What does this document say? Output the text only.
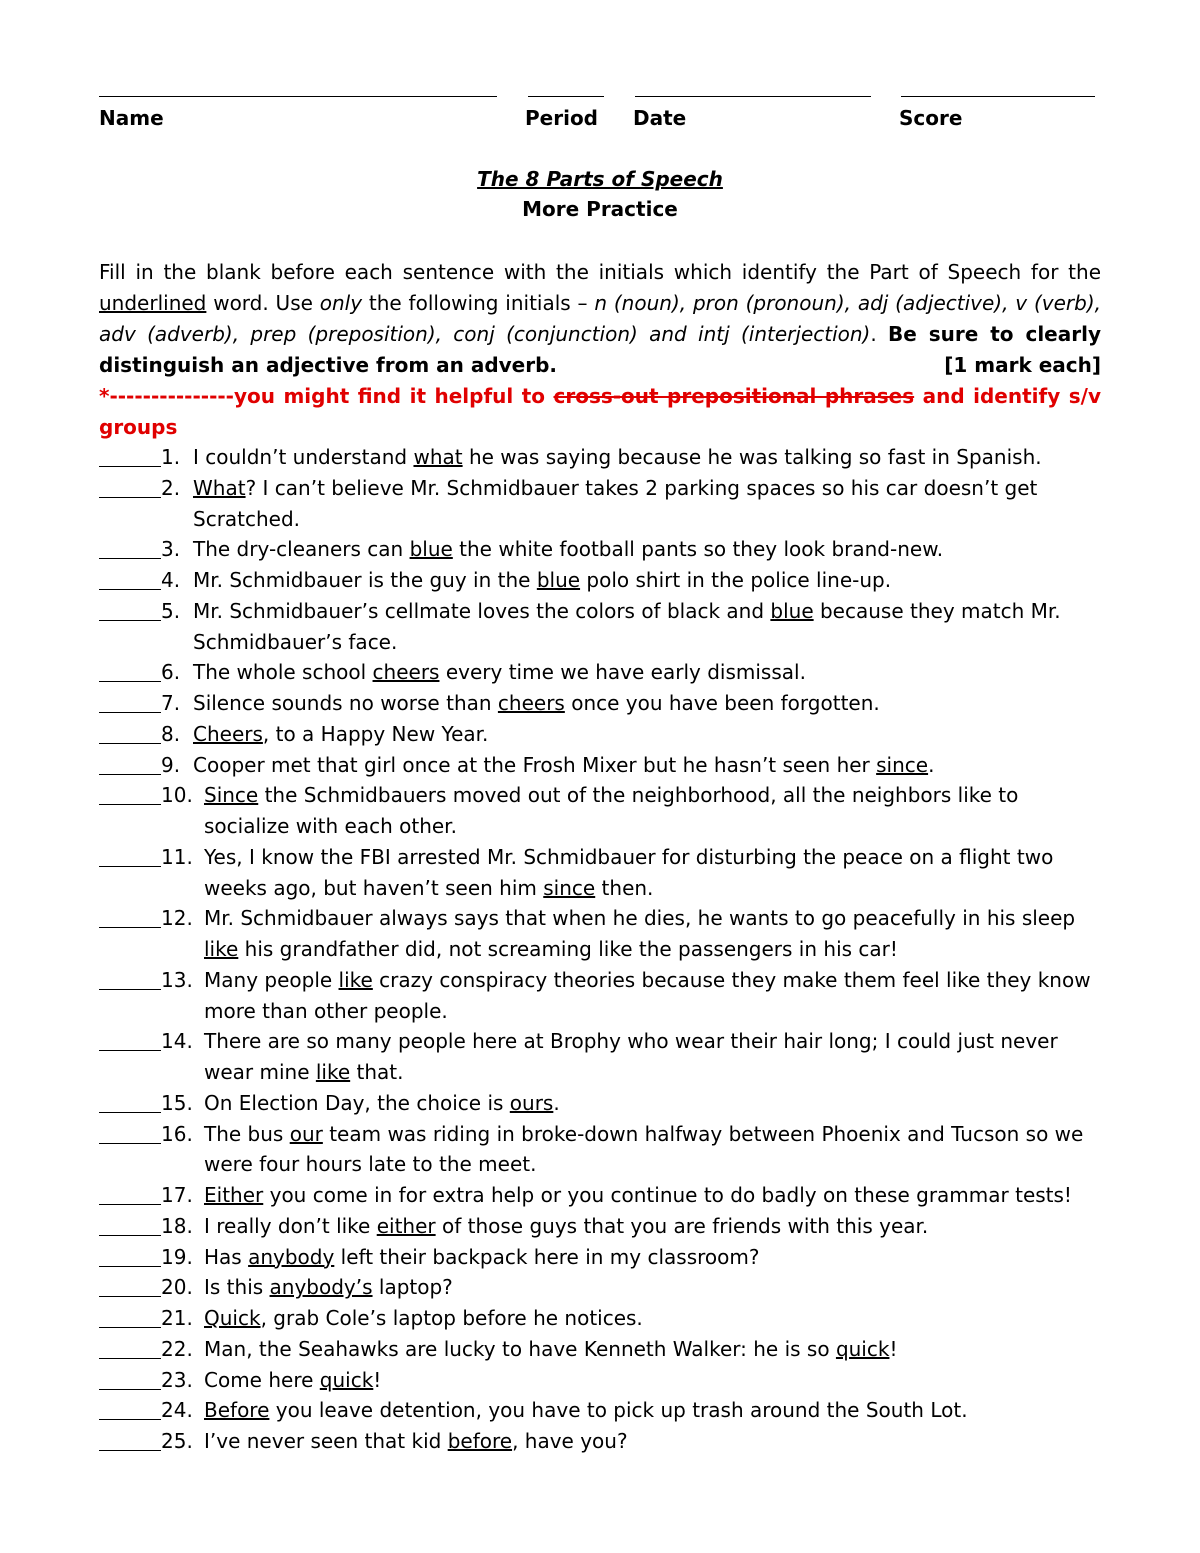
Name	Period Date	Score
The 8 Parts of Speech
More Practice

Fill in the blank before each sentence with the initials which identify the Part of Speech for the underlined word. Use only the following initials – n (noun), pron (pronoun), adj (adjective), v (verb), adv (adverb), prep (preposition), conj (conjunction) and intj (interjection). Be sure to clearly distinguish an adjective from an adverb.	[1 mark each]

*---------------you might find it helpful to cross-out prepositional phrases and identify s/v groups

1. I couldn’t understand what he was saying because he was talking so fast in Spanish.
2. What? I can’t believe Mr. Schmidbauer takes 2 parking spaces so his car doesn’t get Scratched.
3. The dry-cleaners can blue the white football pants so they look brand-new.
4. Mr. Schmidbauer is the guy in the blue polo shirt in the police line-up.
5. Mr. Schmidbauer’s cellmate loves the colors of black and blue because they match Mr. Schmidbauer’s face.
6. The whole school cheers every time we have early dismissal.
7. Silence sounds no worse than cheers once you have been forgotten.
8. Cheers, to a Happy New Year.
9. Cooper met that girl once at the Frosh Mixer but he hasn’t seen her since.
10. Since the Schmidbauers moved out of the neighborhood, all the neighbors like to socialize with each other.
11. Yes, I know the FBI arrested Mr. Schmidbauer for disturbing the peace on a flight two weeks ago, but haven’t seen him since then.
12. Mr. Schmidbauer always says that when he dies, he wants to go peacefully in his sleep like his grandfather did, not screaming like the passengers in his car!
13. Many people like crazy conspiracy theories because they make them feel like they know more than other people.
14. There are so many people here at Brophy who wear their hair long; I could just never wear mine like that.
15. On Election Day, the choice is ours.
16. The bus our team was riding in broke-down halfway between Phoenix and Tucson so we were four hours late to the meet.
17. Either you come in for extra help or you continue to do badly on these grammar tests!
18. I really don’t like either of those guys that you are friends with this year.
19. Has anybody left their backpack here in my classroom?
20. Is this anybody’s laptop?
21. Quick, grab Cole’s laptop before he notices.
22. Man, the Seahawks are lucky to have Kenneth Walker: he is so quick!
23. Come here quick!
24. Before you leave detention, you have to pick up trash around the South Lot.
25. I’ve never seen that kid before, have you?
